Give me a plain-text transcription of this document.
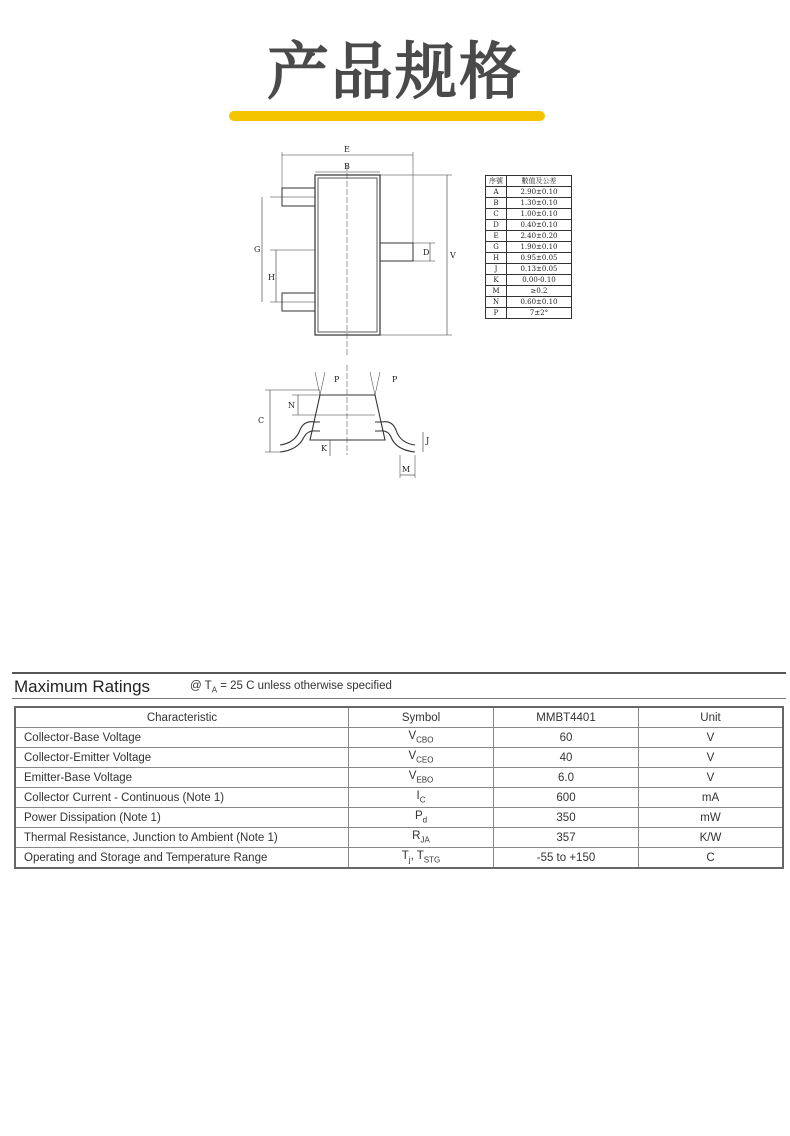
产品规格
E
B
G
H
D	V
P	P
C
N
K
J
M
序號	數值及公差
A	2.90±0.10
B	1.30±0.10
C	1.00±0.10
D	0.40±0.10
E	2.40±0.20
G	1.90±0.10
H	0.95±0.05
J	0.13±0.05
K	0.00-0.10
M	≥0.2
N	0.60±0.10
P	7±2°
Maximum Ratings	@ $T_A = 25$ C unless otherwise specified
Characteristic	Symbol	MMBT4401	Unit
Collector-Base Voltage	$V_{CBO}$	60	V
Collector-Emitter Voltage	$V_{CEO}$	40	V
Emitter-Base Voltage	$V_{EBO}$	6.0	V
Collector Current - Continuous (Note 1)	$I_C$	600	mA
Power Dissipation (Note 1)	$P_d$	350	mW
Thermal Resistance, Junction to Ambient (Note 1)	$R_{JA}$	357	K/W
Operating and Storage and Temperature Range	$T_j$, $T_{STG}$	-55 to +150	C
